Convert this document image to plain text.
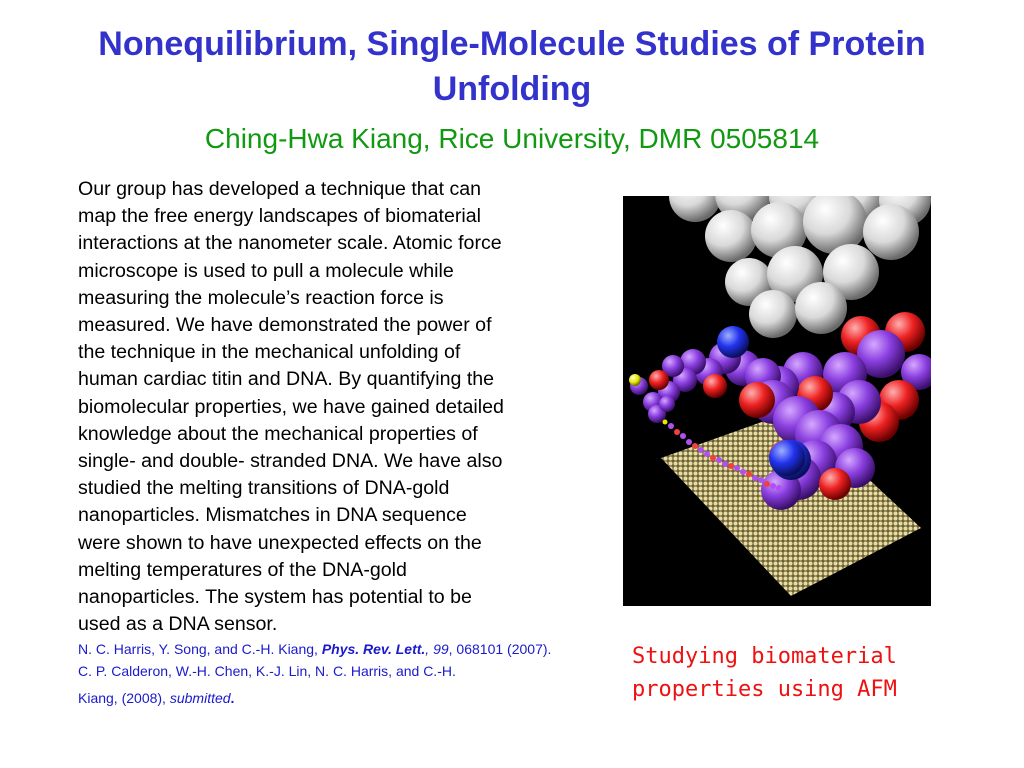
Nonequilibrium, Single-Molecule Studies of Protein Unfolding
Ching-Hwa Kiang, Rice University, DMR 0505814
Our group has developed a technique that can
map the free energy landscapes of biomaterial
interactions at the nanometer scale. Atomic force
microscope is used to pull a molecule while
measuring the molecule’s reaction force is
measured. We have demonstrated the power of
the technique in the mechanical unfolding of
human cardiac titin and DNA. By quantifying the
biomolecular properties, we have gained detailed
knowledge about the mechanical properties of
single- and double- stranded DNA. We have also
studied the melting transitions of DNA-gold
nanoparticles. Mismatches in DNA sequence
were shown to have unexpected effects on the
melting temperatures of the DNA-gold
nanoparticles. The system has potential to be
used as a DNA sensor.
N. C. Harris, Y. Song, and C.-H. Kiang, Phys. Rev. Lett., 99, 068101 (2007).
C. P. Calderon, W.-H. Chen, K.-J. Lin, N. C. Harris, and C.-H.
Kiang, (2008), submitted.
Studying biomaterial properties using AFM
